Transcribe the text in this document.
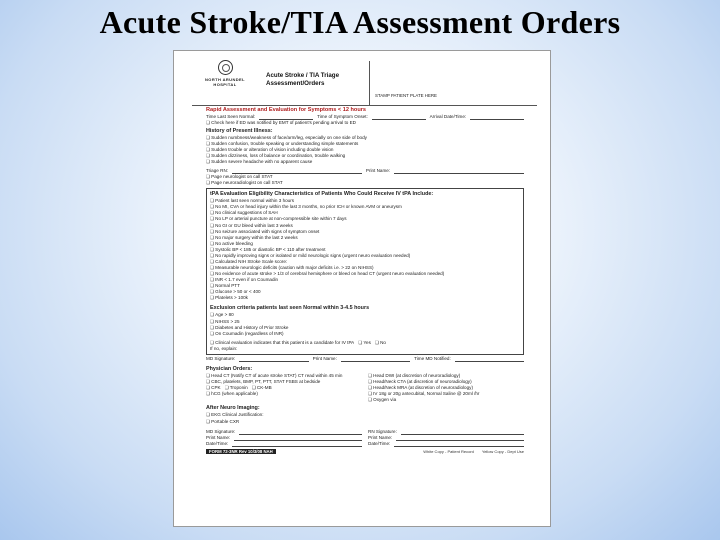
Acute Stroke/TIA Assessment Orders
NORTH ARUNDEL
HOSPITAL
Acute Stroke / TIA Triage
Assessment/Orders
STAMP PATIENT PLATE HERE
Rapid Assessment and Evaluation for Symptoms < 12 hours
Time Last Seen Normal:	Time of Symptom Onset:	Arrival Date/Time:
❏ Check here if ED was notified by EMT of patient's pending arrival to ED
History of Present Illness:
❏ Sudden numbness/weakness of face/arm/leg, especially on one side of body
❏ Sudden confusion, trouble speaking or understanding simple statements
❏ Sudden trouble or alteration of vision including double vision
❏ Sudden dizziness, loss of balance or coordination, trouble walking
❏ Sudden severe headache with no apparent cause
Triage RN:	Print Name:
❏ Page neurologist on call STAT
❏ Page neuroradiologist on call STAT
tPA Evaluation Eligibility Characteristics of Patients Who Could Receive IV tPA Include:
❏ Patient last seen normal within 3 hours
❏ No MI, CVA or head injury within the last 3 months, no prior ICH or known AVM or aneurysm
❏ No clinical suggestions of SAH
❏ No LP or arterial puncture at non-compressible site within 7 days
❏ No GI or GU bleed within last 3 weeks
❏ No seizure associated with signs of symptom onset
❏ No major surgery within the last 2 weeks
❏ No active bleeding
❏ Systolic BP < 185 or diastolic BP < 110 after treatment
❏ No rapidly improving signs or isolated or mild neurologic signs (urgent neuro evaluation needed)
❏ Calculated NIH Stroke Scale score:
❏ Measurable neurologic deficits (caution with major deficits i.e. > 22 on NIHSS)
❏ No evidence of acute stroke > 1/3 of cerebral hemisphere or bleed on head CT (urgent neuro evaluation needed)
❏ INR < 1.7 even if on Coumadin
❏ Normal PTT
❏ Glucose > 50 or < 400
❏ Platelets > 100k
Exclusion criteria patients last seen Normal within 3-4.5 hours
❏ Age > 80
❏ NIHSS > 25
❏ Diabetes and History of Prior Stroke
❏ On Coumadin (regardless of INR)
❏ Clinical evaluation indicates that this patient is a candidate for IV tPA	❏ Yes	❏ No
If no, explain:
MD Signature:	Print Name:	Time MD Notified:
Physician Orders:
❏ Head CT (Notify CT of acute stroke STAT) CT read within 45 min
❏ CBC, platelets, BMP, PT, PTT, STAT FSBS at bedside
❏ CPK	❏ Troponin	❏ CK-MB
❏ hCG (when applicable)
❏ Head DWI (at discretion of neuroradiology)
❏ Head/Neck CTA (at discretion of neuroradiology)
❏ Head/Neck MRA (at discretion of neuroradiology)
❏ IV 18g or 20g antecubital, Normal Saline @ 20ml /hr
❏ Oxygen via
After Neuro Imaging:
❏ EKG Clinical Justification:
❏ Portable CXR
MD Signature:
Print Name:
Date/Time:
RN Signature:
Print Name:
Date/Time:
FORM 72-3NR Rev 10/3/08 NAH	White Copy - Patient Record Yellow Copy - Dept Use
